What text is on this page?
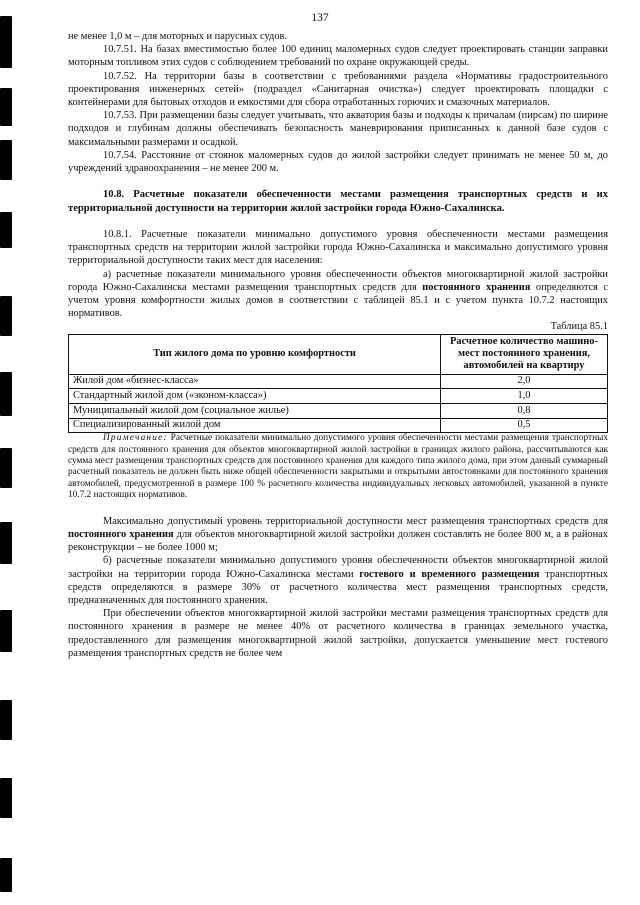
137

не менее 1,0 м – для моторных и парусных судов.

10.7.51. На базах вместимостью более 100 единиц маломерных судов следует проектировать станции заправки моторным топливом этих судов с соблюдением требований по охране окружающей среды.

10.7.52. На территории базы в соответствии с требованиями раздела «Нормативы градостроительного проектирования инженерных сетей» (подраздел «Санитарная очистка») следует проектировать площадки с контейнерами для бытовых отходов и емкостями для сбора отработанных горючих и смазочных материалов.

10.7.53. При размещении базы следует учитывать, что акватория базы и подходы к причалам (пирсам) по ширине подходов и глубинам должны обеспечивать безопасность маневрирования приписанных к данной базе судов с максимальными размерами и осадкой.

10.7.54. Расстояние от стоянок маломерных судов до жилой застройки следует принимать не менее 50 м, до учреждений здравоохранения – не менее 200 м.

10.8. Расчетные показатели обеспеченности местами размещения транспортных средств и их территориальной доступности на территории жилой застройки города Южно-Сахалинска.

10.8.1. Расчетные показатели минимально допустимого уровня обеспеченности местами размещения транспортных средств на территории жилой застройки города Южно-Сахалинска и максимально допустимого уровня территориальной доступности таких мест для населения:

а) расчетные показатели минимального уровня обеспеченности объектов многоквартирной жилой застройки города Южно-Сахалинска местами размещения транспортных средств для постоянного хранения определяются с учетом уровня комфортности жилых домов в соответствии с таблицей 85.1 и с учетом пункта 10.7.2 настоящих нормативов.

Таблица 85.1

Тип жилого дома по уровню комфортности	Расчетное количество машино-мест постоянного хранения, автомобилей на квартиру
Жилой дом «бизнес-класса»	2,0
Стандартный жилой дом («эконом-класса»)	1,0
Муниципальный жилой дом (социальное жилье)	0,8
Специализированный жилой дом	0,5

Примечание: Расчетные показатели минимально допустимого уровня обеспеченности местами размещения транспортных средств для постоянного хранения для объектов многоквартирной жилой застройки в границах жилого района, рассчитываются как сумма мест размещения транспортных средств для постоянного хранения для каждого типа жилого дома, при этом данный суммарный расчетный показатель не должен быть ниже общей обеспеченности закрытыми и открытыми автостоянками для постоянного хранения автомобилей, предусмотренной в размере 100 % расчетного количества индивидуальных легковых автомобилей, указанной в пункте 10.7.2 настоящих нормативов.

Максимально допустимый уровень территориальной доступности мест размещения транспортных средств для постоянного хранения для объектов многоквартирной жилой застройки должен составлять не более 800 м, а в районах реконструкции – не более 1000 м;

б) расчетные показатели минимально допустимого уровня обеспеченности объектов многоквартирной жилой застройки на территории города Южно-Сахалинска местами гостевого и временного размещения транспортных средств определяются в размере 30% от расчетного количества мест размещения транспортных средств, предназначенных для постоянного хранения.

При обеспечении объектов многоквартирной жилой застройки местами размещения транспортных средств для постоянного хранения в размере не менее 40% от расчетного количества в границах земельного участка, предоставленного для размещения многоквартирной жилой застройки, допускается уменьшение мест гостевого размещения транспортных средств не более чем
